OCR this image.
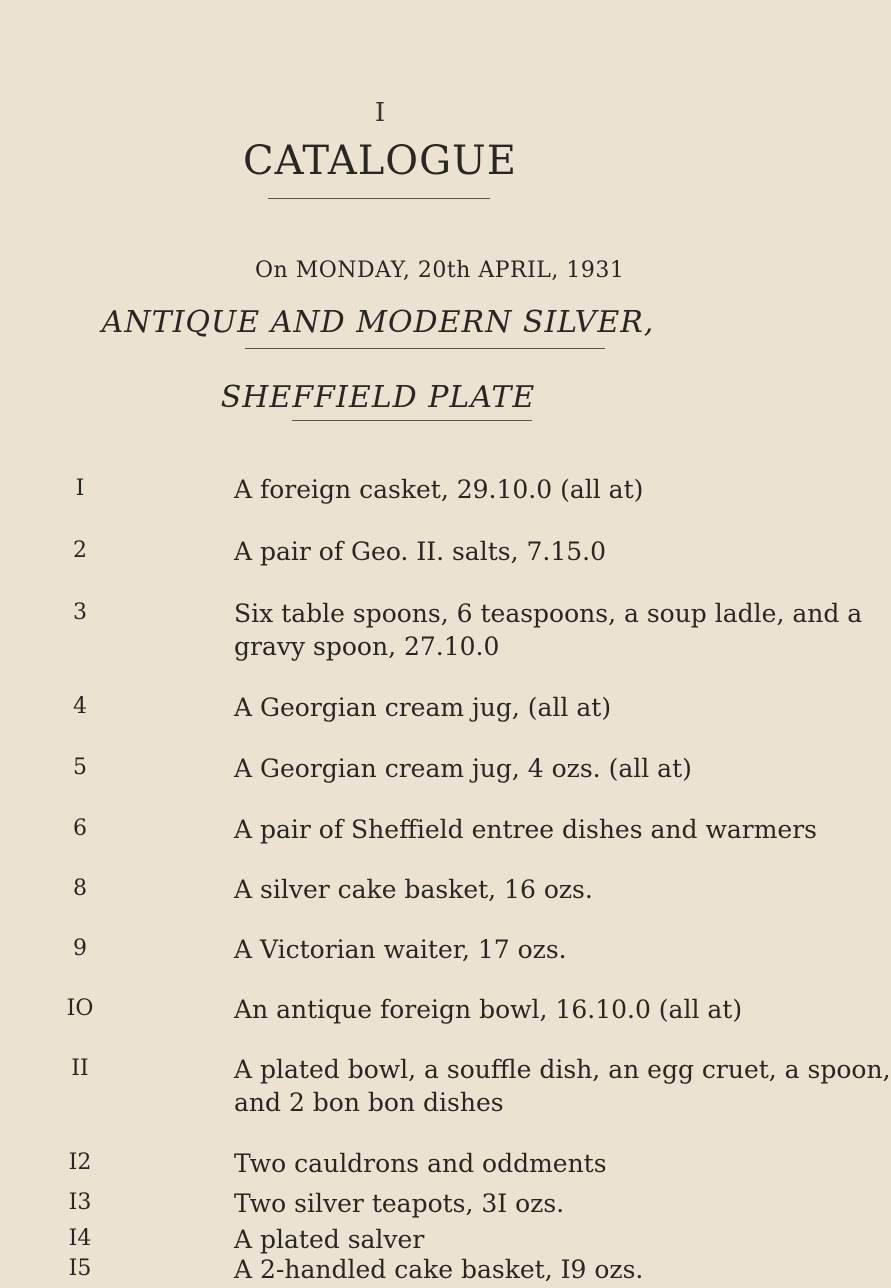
I
CATALOGUE
On MONDAY, 20th APRIL, 1931
ANTIQUE AND MODERN SILVER,
SHEFFIELD PLATE
I	A foreign casket, 29.10.0 (all at)
2	A pair of Geo. II. salts, 7.15.0
3	Six table spoons, 6 teaspoons, a soup ladle, and a
gravy spoon, 27.10.0
4	A Georgian cream jug, (all at)
5	A Georgian cream jug, 4 ozs. (all at)
6	A pair of Sheffield entree dishes and warmers
8	A silver cake basket, 16 ozs.
9	A Victorian waiter, 17 ozs.
IO	An antique foreign bowl, 16.10.0 (all at)
II	A plated bowl, a souffle dish, an egg cruet, a spoon,
and 2 bon bon dishes
I2	Two cauldrons and oddments
I3	Two silver teapots, 3I ozs.
I4	A plated salver
I5	A 2-handled cake basket, I9 ozs.
